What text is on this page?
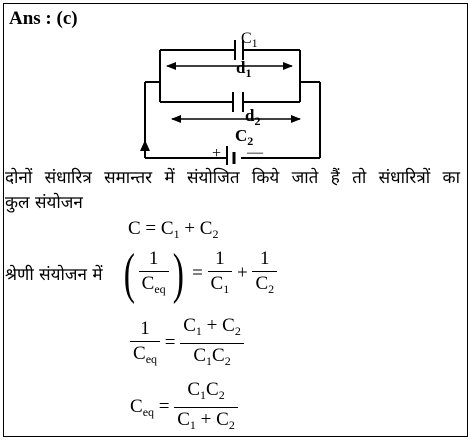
Ans : (c)
$C_1$
$d_1$
$d_2$
$C_2$
+ —
दोनों संधारित्र समान्तर में संयोजित किये जाते हैं तो संधारित्रों का
कुल संयोजन
$C = C_1 + C_2$
श्रेणी संयोजन में ( $\frac{1}{C_{eq}}$ ) = $\frac{1}{C_1} + \frac{1}{C_2}$
$\frac{1}{C_{eq}} = \frac{C_1 + C_2}{C_1C_2}$
$C_{eq} = \frac{C_1C_2}{C_1 + C_2}$
